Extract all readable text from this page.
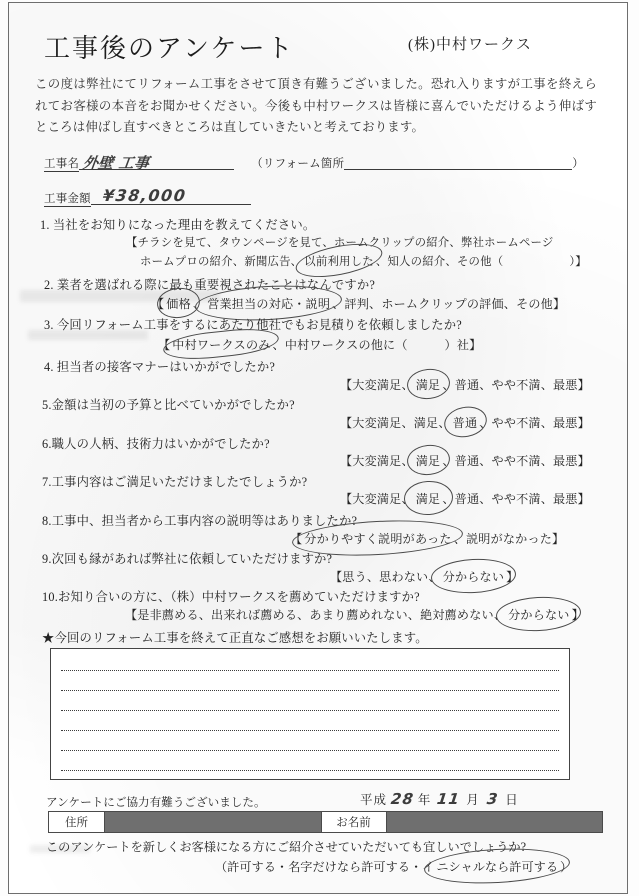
工事後のアンケート	(株)中村ワークス
この度は弊社にてリフォーム工事をさせて頂き有難うございました。恐れ入りますが工事を終えられてお客様の本音をお聞かせください。今後も中村ワークスは皆様に喜んでいただけるよう伸ばすところは伸ばし直すべきところは直していきたいと考えております。
工事名 外壁 工事	（リフォーム箇所	）
工事金額 ¥38,000
1. 当社をお知りになった理由を教えてください。
【チラシを見て、タウンページを見て、ホームクリップの紹介、弊社ホームページ
ホームプロの紹介、新聞広告、 以前利用した 、知人の紹介、その他（	）】
2. 業者を選ばれる際に最も重要視されたことはなんですか?
【 価格 、 営業担当の対応・説明 、評判、ホームクリップの評価、その他】
3. 今回リフォーム工事をするにあたり他社でもお見積りを依頼しましたか?
【 中村ワークスのみ 、中村ワークスの他に（　　　）社】
4. 担当者の接客マナーはいかがでしたか?
【大変満足、 満足 、普通、やや不満、最悪】
5.金額は当初の予算と比べていかがでしたか?
【大変満足、満足、 普通 、やや不満、最悪】
6.職人の人柄、技術力はいかがでしたか?
【大変満足、 満足 、普通、やや不満、最悪】
7.工事内容はご満足いただけましたでしょうか?
【大変満足、 満足 、普通、やや不満、最悪】
8.工事中、担当者から工事内容の説明等はありましたか?
【 分かりやすく説明があった 、説明がなかった】
9.次回も縁があれば弊社に依頼していただけますか?
【思う、思わない、 分からない 】
10.お知り合いの方に、（株）中村ワークスを薦めていただけますか?
【是非薦める、出来れば薦める、あまり薦めれない、絶対薦めない、 分からない 】
★今回のリフォーム工事を終えて正直なご感想をお願いいたします。
アンケートにご協力有難うございました。	平成 28 年 11 月 3 日
住所	お名前
このアンケートを新しくお客様になる方にご紹介させていただいても宜しいでしょうか?
（許可する・名字だけなら許可する・イ ニシャルなら許可する ）
